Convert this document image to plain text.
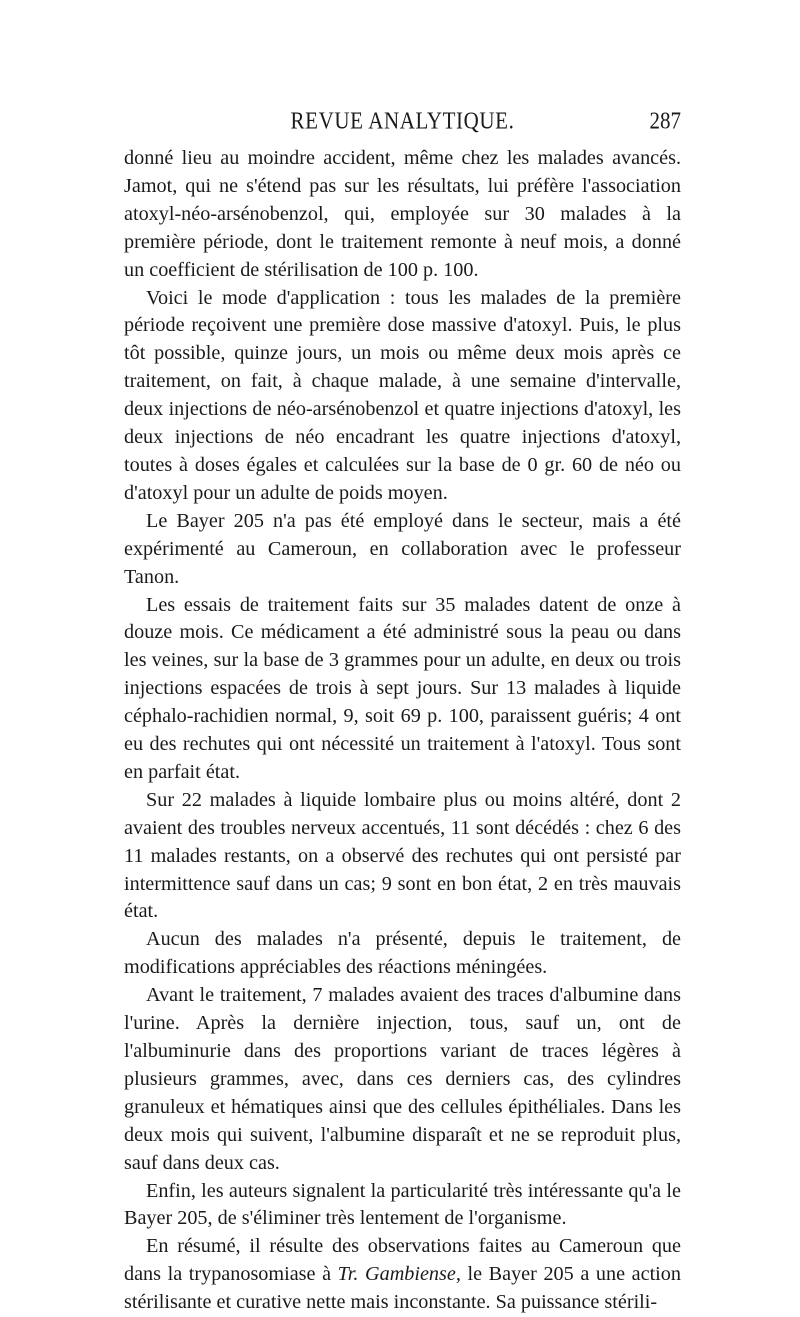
REVUE ANALYTIQUE.	287

donné lieu au moindre accident, même chez les malades avancés. Jamot, qui ne s'étend pas sur les résultats, lui préfère l'association atoxyl-néo-arsénobenzol, qui, employée sur 30 malades à la première période, dont le traitement remonte à neuf mois, a donné un coefficient de stérilisation de 100 p. 100.

Voici le mode d'application : tous les malades de la première période reçoivent une première dose massive d'atoxyl. Puis, le plus tôt possible, quinze jours, un mois ou même deux mois après ce traitement, on fait, à chaque malade, à une semaine d'intervalle, deux injections de néo-arsénobenzol et quatre injections d'atoxyl, les deux injections de néo encadrant les quatre injections d'atoxyl, toutes à doses égales et calculées sur la base de 0 gr. 60 de néo ou d'atoxyl pour un adulte de poids moyen.

Le Bayer 205 n'a pas été employé dans le secteur, mais a été expérimenté au Cameroun, en collaboration avec le professeur Tanon.

Les essais de traitement faits sur 35 malades datent de onze à douze mois. Ce médicament a été administré sous la peau ou dans les veines, sur la base de 3 grammes pour un adulte, en deux ou trois injections espacées de trois à sept jours. Sur 13 malades à liquide céphalo-rachidien normal, 9, soit 69 p. 100, paraissent guéris; 4 ont eu des rechutes qui ont nécessité un traitement à l'atoxyl. Tous sont en parfait état.

Sur 22 malades à liquide lombaire plus ou moins altéré, dont 2 avaient des troubles nerveux accentués, 11 sont décédés : chez 6 des 11 malades restants, on a observé des rechutes qui ont persisté par intermittence sauf dans un cas; 9 sont en bon état, 2 en très mauvais état.

Aucun des malades n'a présenté, depuis le traitement, de modifications appréciables des réactions méningées.

Avant le traitement, 7 malades avaient des traces d'albumine dans l'urine. Après la dernière injection, tous, sauf un, ont de l'albuminurie dans des proportions variant de traces légères à plusieurs grammes, avec, dans ces derniers cas, des cylindres granuleux et hématiques ainsi que des cellules épithéliales. Dans les deux mois qui suivent, l'albumine disparaît et ne se reproduit plus, sauf dans deux cas.

Enfin, les auteurs signalent la particularité très intéressante qu'a le Bayer 205, de s'éliminer très lentement de l'organisme.

En résumé, il résulte des observations faites au Cameroun que dans la trypanosomiase à Tr. Gambiense, le Bayer 205 a une action stérilisante et curative nette mais inconstante. Sa puissance stérili-
